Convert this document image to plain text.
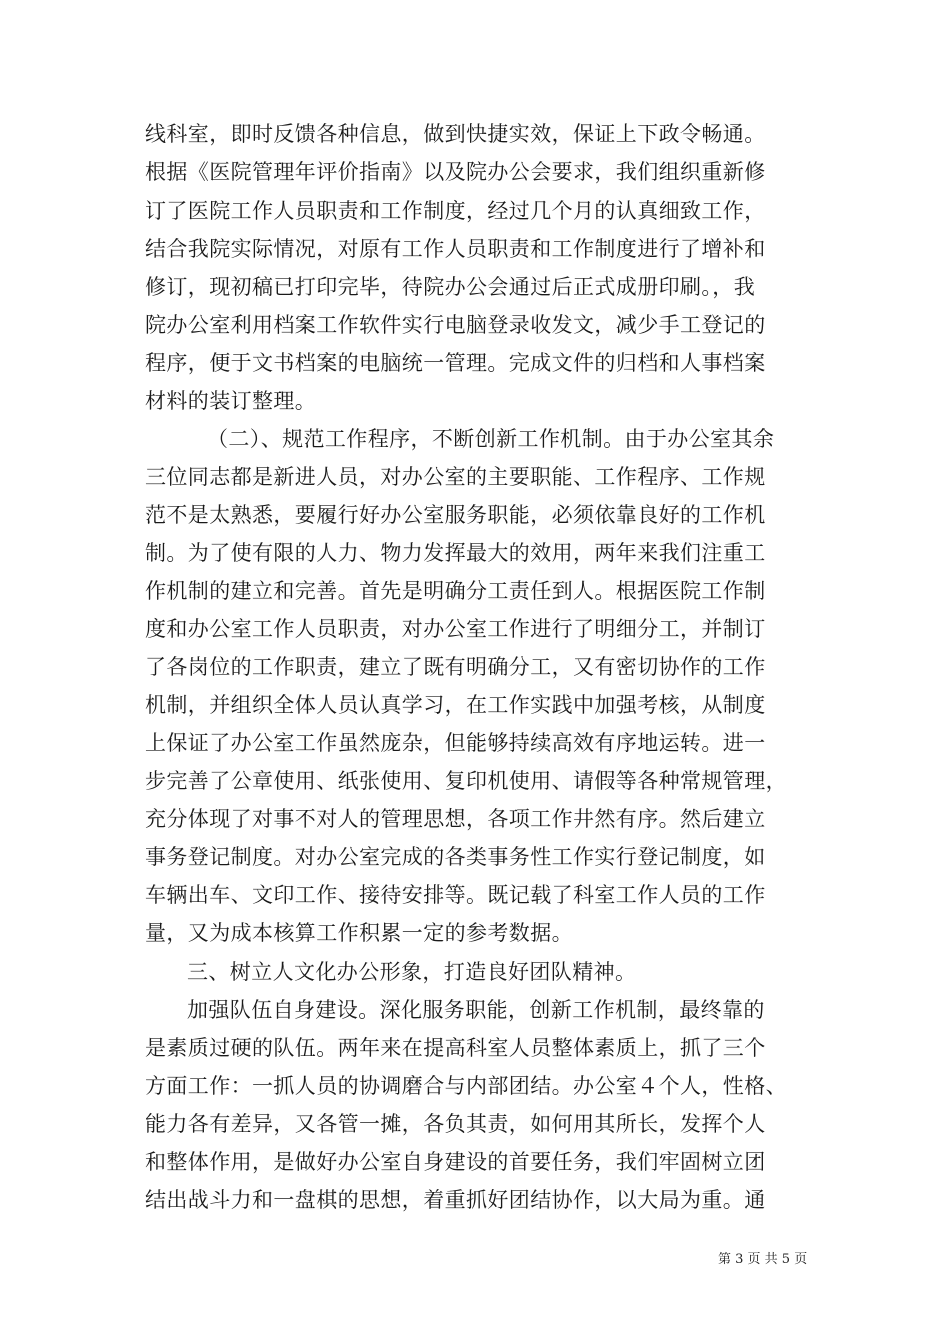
线科室，即时反馈各种信息，做到快捷实效，保证上下政令畅通。
根据《医院管理年评价指南》以及院办公会要求，我们组织重新修
订了医院工作人员职责和工作制度，经过几个月的认真细致工作，
结合我院实际情况，对原有工作人员职责和工作制度进行了增补和
修订，现初稿已打印完毕，待院办公会通过后正式成册印刷。，我
院办公室利用档案工作软件实行电脑登录收发文，减少手工登记的
程序，便于文书档案的电脑统一管理。完成文件的归档和人事档案
材料的装订整理。
（二）、规范工作程序，不断创新工作机制。由于办公室其余
三位同志都是新进人员，对办公室的主要职能、工作程序、工作规
范不是太熟悉，要履行好办公室服务职能，必须依靠良好的工作机
制。为了使有限的人力、物力发挥最大的效用，两年来我们注重工
作机制的建立和完善。首先是明确分工责任到人。根据医院工作制
度和办公室工作人员职责，对办公室工作进行了明细分工，并制订
了各岗位的工作职责，建立了既有明确分工，又有密切协作的工作
机制，并组织全体人员认真学习，在工作实践中加强考核，从制度
上保证了办公室工作虽然庞杂，但能够持续高效有序地运转。进一
步完善了公章使用、纸张使用、复印机使用、请假等各种常规管理，
充分体现了对事不对人的管理思想，各项工作井然有序。然后建立
事务登记制度。对办公室完成的各类事务性工作实行登记制度，如
车辆出车、文印工作、接待安排等。既记载了科室工作人员的工作
量，又为成本核算工作积累一定的参考数据。
三、树立人文化办公形象，打造良好团队精神。
加强队伍自身建设。深化服务职能，创新工作机制，最终靠的
是素质过硬的队伍。两年来在提高科室人员整体素质上，抓了三个
方面工作：一抓人员的协调磨合与内部团结。办公室４个人，性格、
能力各有差异，又各管一摊，各负其责，如何用其所长，发挥个人
和整体作用，是做好办公室自身建设的首要任务，我们牢固树立团
结出战斗力和一盘棋的思想，着重抓好团结协作，以大局为重。通
第 3 页 共 5 页
